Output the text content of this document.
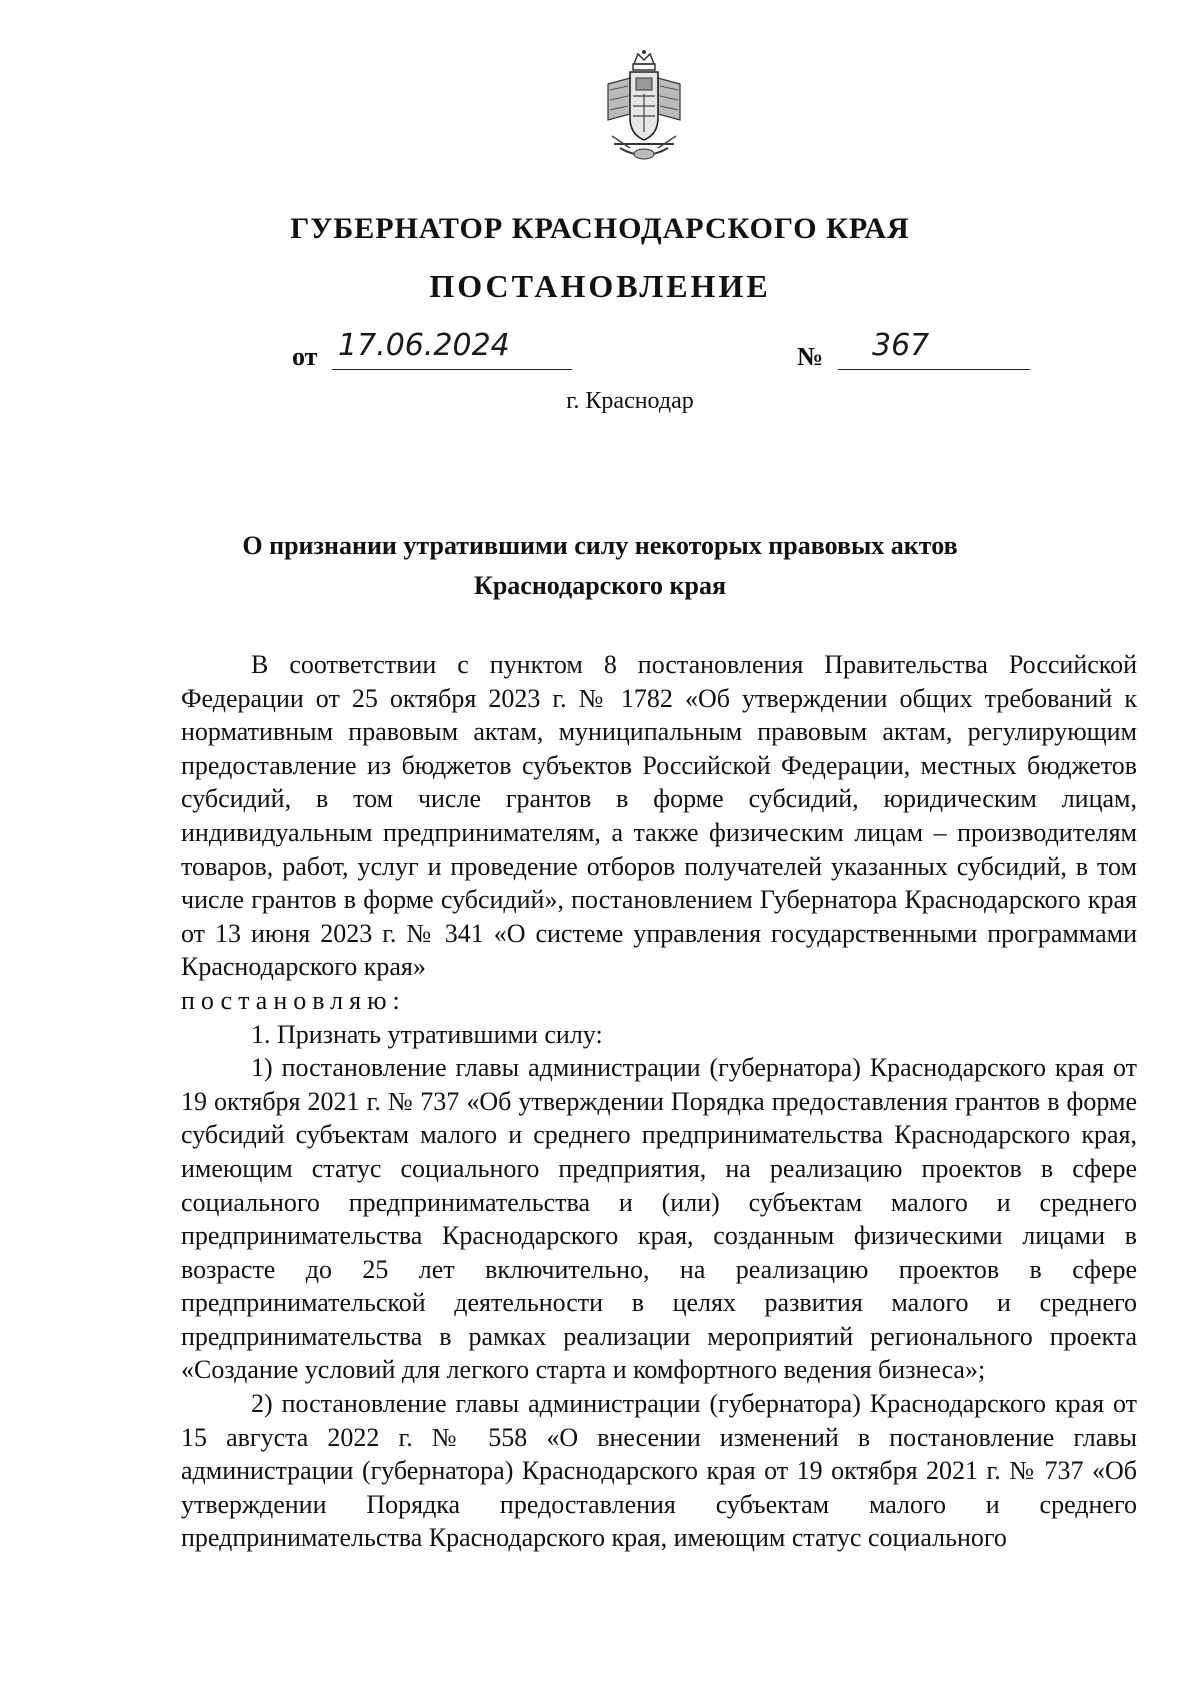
ГУБЕРНАТОР КРАСНОДАРСКОГО КРАЯ
ПОСТАНОВЛЕНИЕ
от 17.06.2024	№	367
г. Краснодар
О признании утратившими силу некоторых правовых актов
Краснодарского края

В соответствии с пунктом 8 постановления Правительства Российской Федерации от 25 октября 2023 г. № 1782 «Об утверждении общих требований к нормативным правовым актам, муниципальным правовым актам, регулирующим предоставление из бюджетов субъектов Российской Федерации, местных бюджетов субсидий, в том числе грантов в форме субсидий, юридическим лицам, индивидуальным предпринимателям, а также физическим лицам – производителям товаров, работ, услуг и проведение отборов получателей указанных субсидий, в том числе грантов в форме субсидий», постановлением Губернатора Краснодарского края от 13 июня 2023 г. № 341 «О системе управления государственными программами Краснодарского края»

постановляю:

1. Признать утратившими силу:

1) постановление главы администрации (губернатора) Краснодарского края от 19 октября 2021 г. № 737 «Об утверждении Порядка предоставления грантов в форме субсидий субъектам малого и среднего предпринимательства Краснодарского края, имеющим статус социального предприятия, на реализацию проектов в сфере социального предпринимательства и (или) субъектам малого и среднего предпринимательства Краснодарского края, созданным физическими лицами в возрасте до 25 лет включительно, на реализацию проектов в сфере предпринимательской деятельности в целях развития малого и среднего предпринимательства в рамках реализации мероприятий регионального проекта «Создание условий для легкого старта и комфортного ведения бизнеса»;

2) постановление главы администрации (губернатора) Краснодарского края от 15 августа 2022 г. № 558 «О внесении изменений в постановление главы администрации (губернатора) Краснодарского края от 19 октября 2021 г. № 737 «Об утверждении Порядка предоставления субъектам малого и среднего предпринимательства Краснодарского края, имеющим статус социального
